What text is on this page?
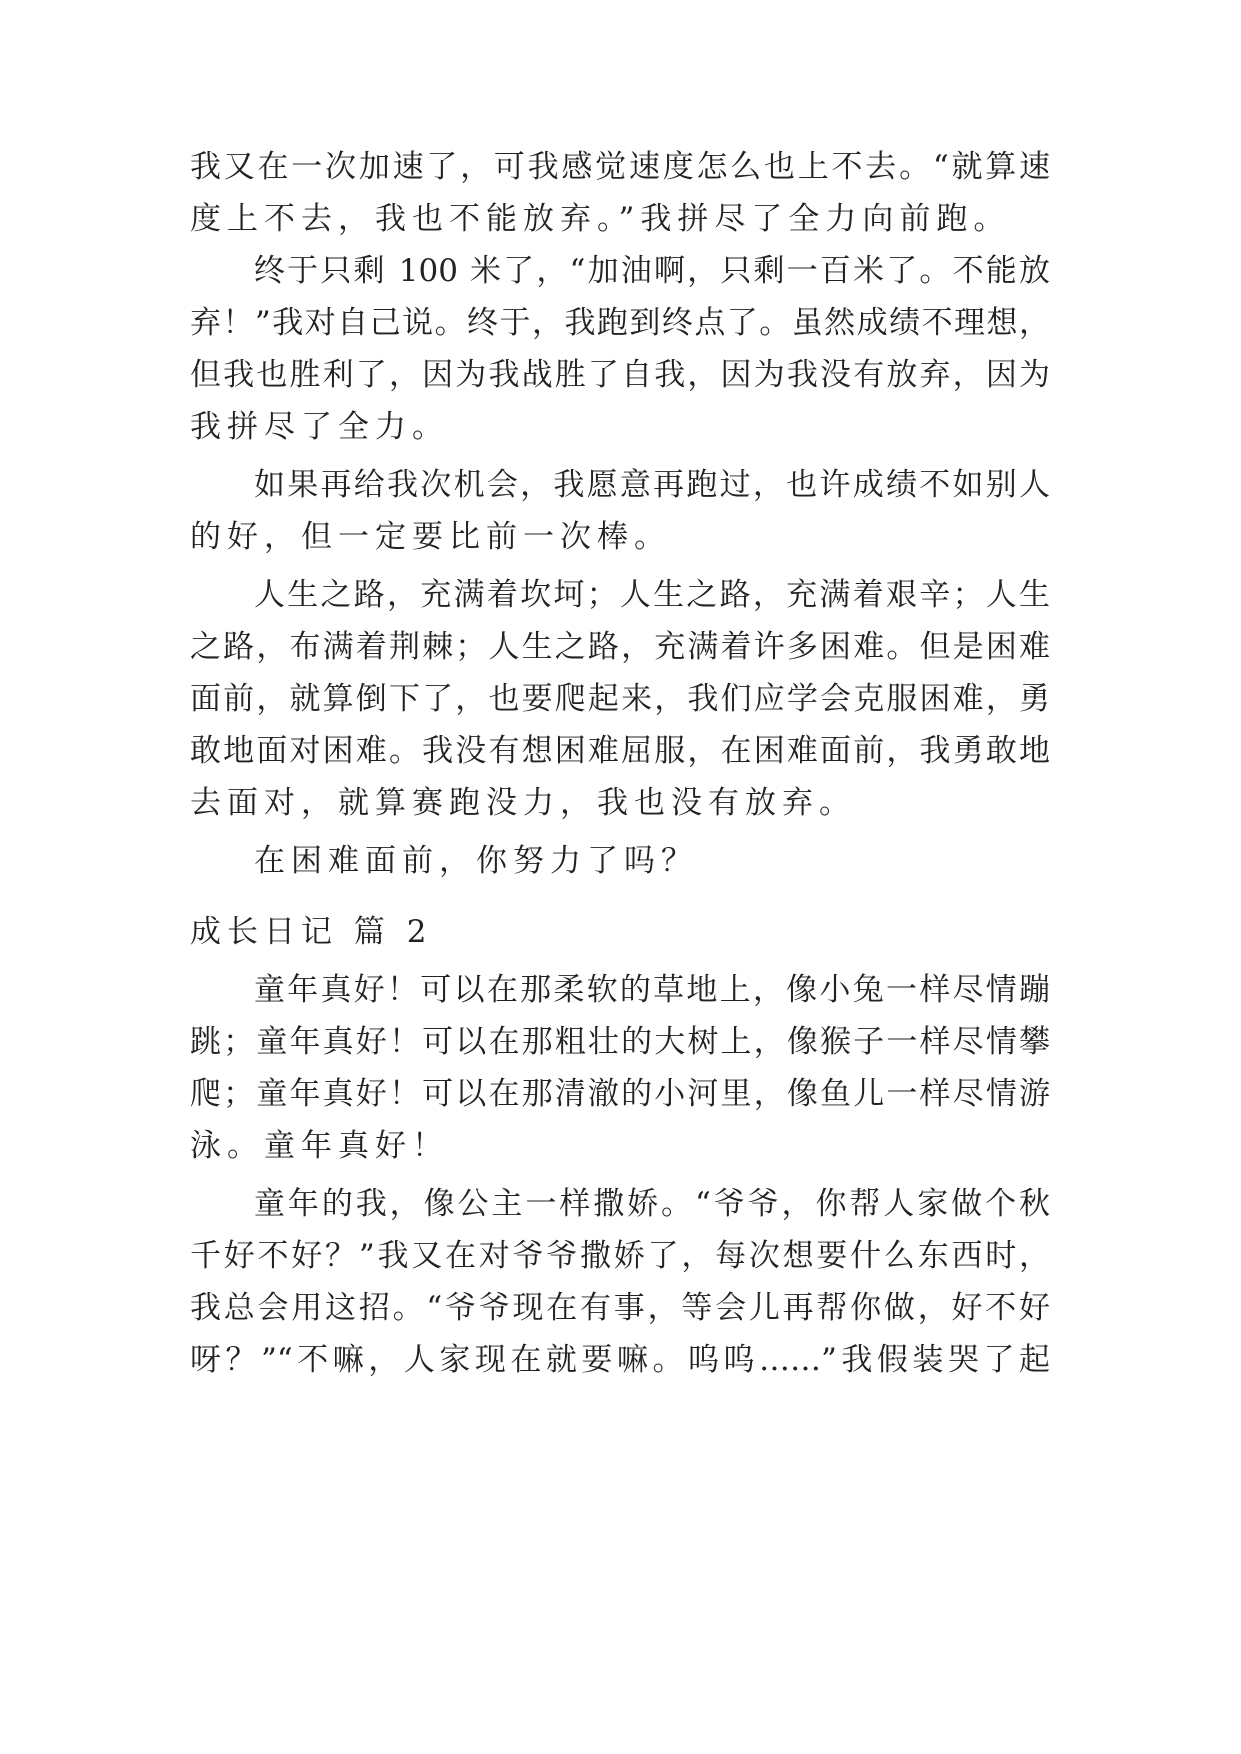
我又在一次加速了，可我感觉速度怎么也上不去。“就算速
度上不去，我也不能放弃。”我拼尽了全力向前跑。
终于只剩 100 米了，“加油啊，只剩一百米了。不能放
弃！”我对自己说。终于，我跑到终点了。虽然成绩不理想，
但我也胜利了，因为我战胜了自我，因为我没有放弃，因为
我拼尽了全力。
如果再给我次机会，我愿意再跑过，也许成绩不如别人
的好，但一定要比前一次棒。
人生之路，充满着坎坷；人生之路，充满着艰辛；人生
之路，布满着荆棘；人生之路，充满着许多困难。但是困难
面前，就算倒下了，也要爬起来，我们应学会克服困难，勇
敢地面对困难。我没有想困难屈服，在困难面前，我勇敢地
去面对，就算赛跑没力，我也没有放弃。
在困难面前，你努力了吗？
成长日记 篇 2
童年真好！可以在那柔软的草地上，像小兔一样尽情蹦
跳；童年真好！可以在那粗壮的大树上，像猴子一样尽情攀
爬；童年真好！可以在那清澈的小河里，像鱼儿一样尽情游
泳。童年真好！
童年的我，像公主一样撒娇。“爷爷，你帮人家做个秋
千好不好？”我又在对爷爷撒娇了，每次想要什么东西时，
我总会用这招。“爷爷现在有事，等会儿再帮你做，好不好
呀？”“不嘛，人家现在就要嘛。呜呜……”我假装哭了起
